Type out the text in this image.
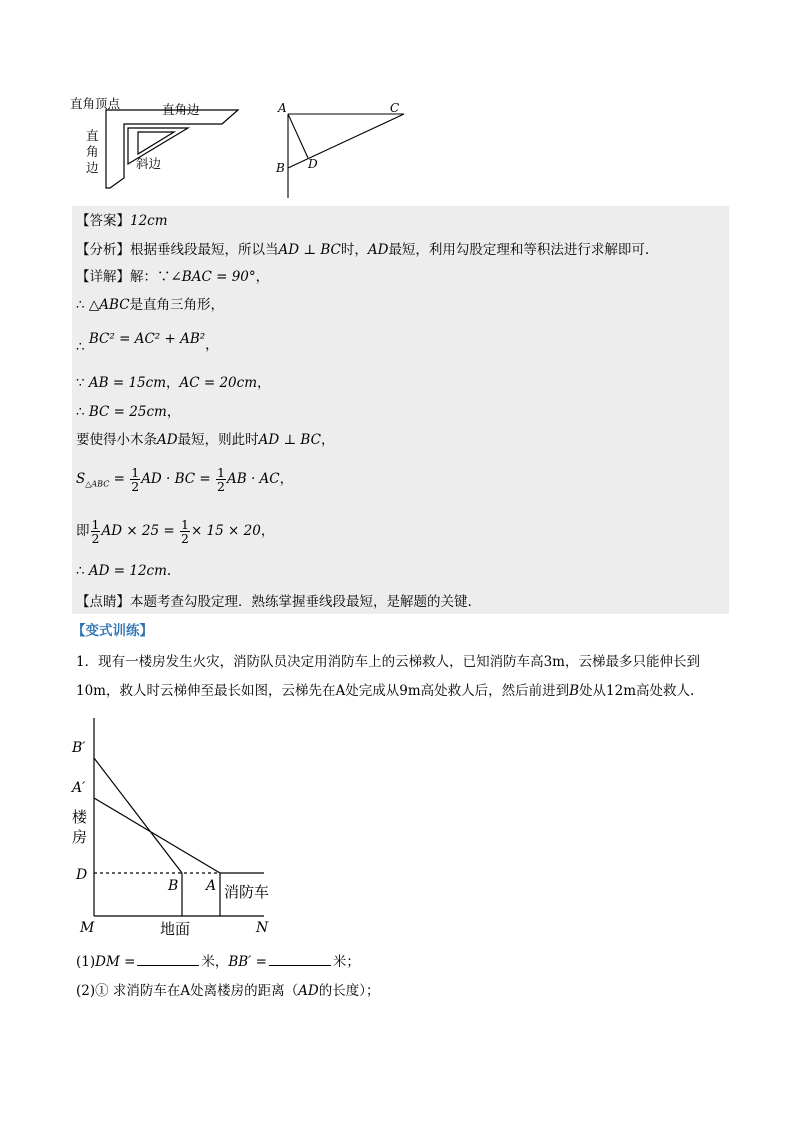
直角顶点	直角边
直
角
边	斜边
A	C
B D
【答案】12cm
【分析】根据垂线段最短，所以当AD ⊥ BC时，AD最短，利用勾股定理和等积法进行求解即可.
【详解】解：∵∠BAC = 90°，
∴ △ABC是直角三角形，
∴ BC² = AC² + AB²，
∵ AB = 15cm，AC = 20cm，
∴ BC = 25cm，
要使得小木条AD最短，则此时AD ⊥ BC，
$S_{\triangle ABC} = \frac{1}{2}$ AD · BC = $\frac{1}{2}$ AB · AC，
即 $\frac{1}{2}$ AD × $25 = \frac{1}{2} \times 15 \times 20$，
∴ AD = 12cm.
【点睛】本题考查勾股定理．熟练掌握垂线段最短，是解题的关键.
【变式训练】
1．现有一楼房发生火灾，消防队员决定用消防车上的云梯救人，已知消防车高3m，云梯最多只能伸长到
10m，救人时云梯伸至最长如图，云梯先在A处完成从9m高处救人后，然后前进到B处从12m高处救人.
B′
A′
D
B A
M	N
楼
房
消防车
地面
(1)DM =	米，BB′ =	米；
(2)① 求消防车在A处离楼房的距离（AD的长度）；
